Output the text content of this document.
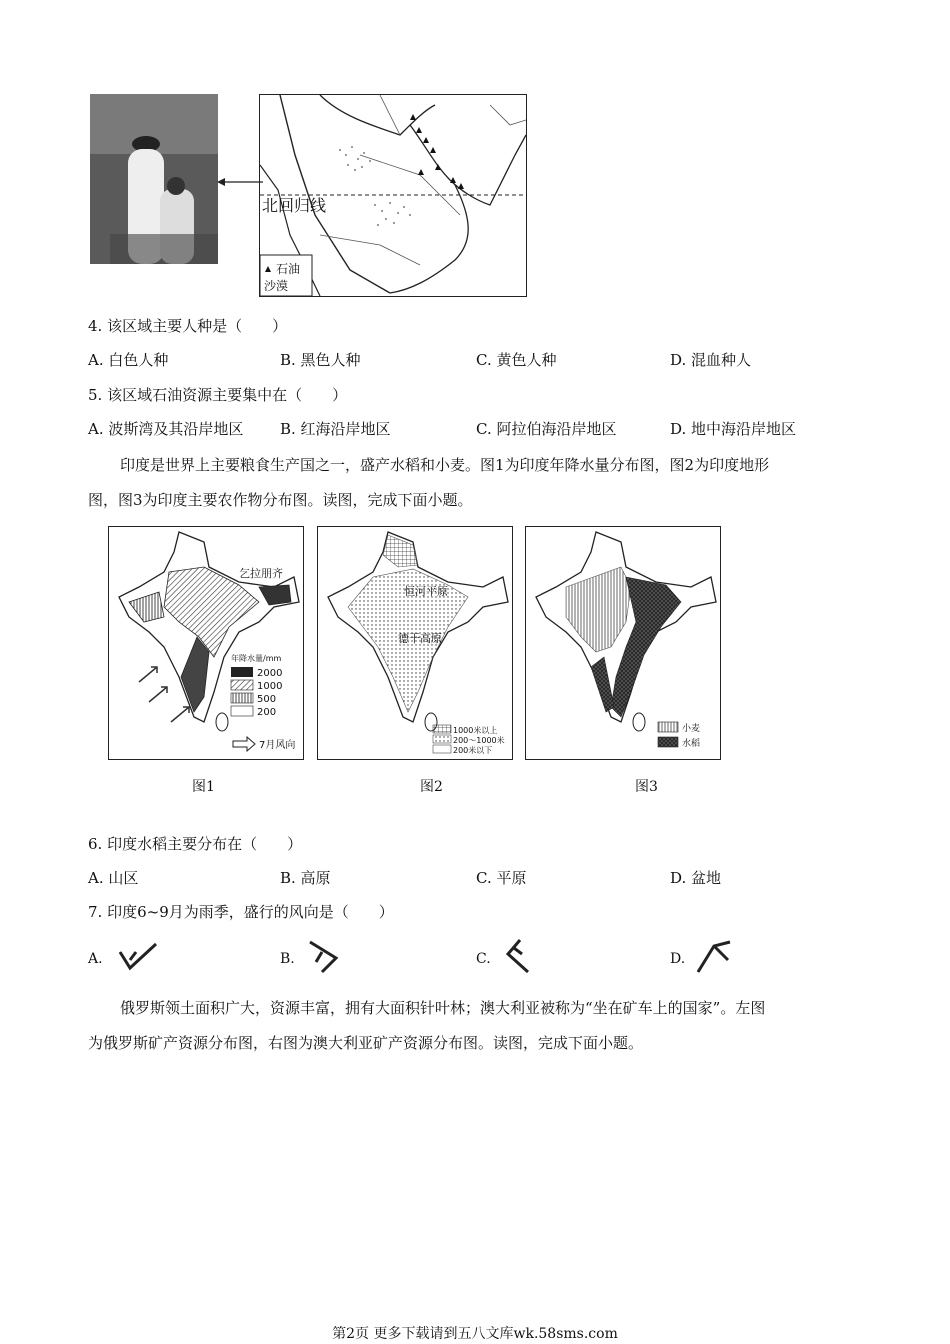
北回归线
石油
沙漠
4. 该区域主要人种是（　　）
A. 白色人种	B. 黑色人种	C. 黄色人种	D. 混血种人
5. 该区域石油资源主要集中在（　　）
A. 波斯湾及其沿岸地区 B. 红海沿岸地区	C. 阿拉伯海沿岸地区	D. 地中海沿岸地区
印度是世界上主要粮食生产国之一，盛产水稻和小麦。图1为印度年降水量分布图，图2为印度地形
图，图3为印度主要农作物分布图。读图，完成下面小题。
乞拉朋齐
年降水量/mm
2000
1000
500
200
7月风向
恒河平原
德干高原
1000米以上
200～1000米
200米以下
小麦
水稻
图1	图2	图3
6. 印度水稻主要分布在（　　）
A. 山区	B. 高原	C. 平原	D. 盆地
7. 印度6~9月为雨季，盛行的风向是（　　）
A.	B.	C.	D.
俄罗斯领土面积广大，资源丰富，拥有大面积针叶林；澳大利亚被称为“坐在矿车上的国家”。左图
为俄罗斯矿产资源分布图，右图为澳大利亚矿产资源分布图。读图，完成下面小题。
第2页 更多下载请到五八文库wk.58sms.com
